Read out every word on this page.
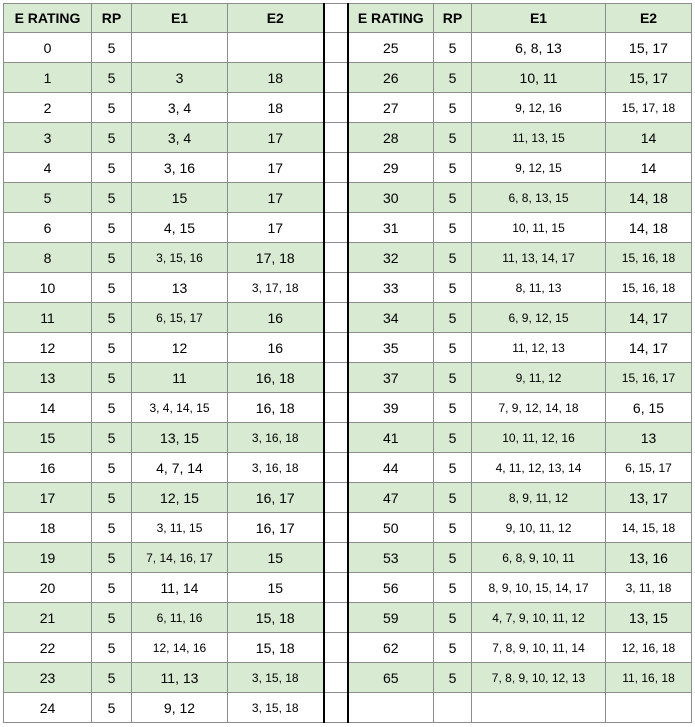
E RATING	RP	E1	E2		E RATING	RP	E1	E2
0	5				25	5	6, 8, 13	15, 17
1	5	3	18		26	5	10, 11	15, 17
2	5	3, 4	18		27	5	9, 12, 16	15, 17, 18
3	5	3, 4	17		28	5	11, 13, 15	14
4	5	3, 16	17		29	5	9, 12, 15	14
5	5	15	17		30	5	6, 8, 13, 15	14, 18
6	5	4, 15	17		31	5	10, 11, 15	14, 18
8	5	3, 15, 16	17, 18		32	5	11, 13, 14, 17	15, 16, 18
10	5	13	3, 17, 18		33	5	8, 11, 13	15, 16, 18
11	5	6, 15, 17	16		34	5	6, 9, 12, 15	14, 17
12	5	12	16		35	5	11, 12, 13	14, 17
13	5	11	16, 18		37	5	9, 11, 12	15, 16, 17
14	5	3, 4, 14, 15	16, 18		39	5	7, 9, 12, 14, 18	6, 15
15	5	13, 15	3, 16, 18		41	5	10, 11, 12, 16	13
16	5	4, 7, 14	3, 16, 18		44	5	4, 11, 12, 13, 14	6, 15, 17
17	5	12, 15	16, 17		47	5	8, 9, 11, 12	13, 17
18	5	3, 11, 15	16, 17		50	5	9, 10, 11, 12	14, 15, 18
19	5	7, 14, 16, 17	15		53	5	6, 8, 9, 10, 11	13, 16
20	5	11, 14	15		56	5	8, 9, 10, 15, 14, 17	3, 11, 18
21	5	6, 11, 16	15, 18		59	5	4, 7, 9, 10, 11, 12	13, 15
22	5	12, 14, 16	15, 18		62	5	7, 8, 9, 10, 11, 14	12, 16, 18
23	5	11, 13	3, 15, 18		65	5	7, 8, 9, 10, 12, 13	11, 16, 18
24	5	9, 12	3, 15, 18					
